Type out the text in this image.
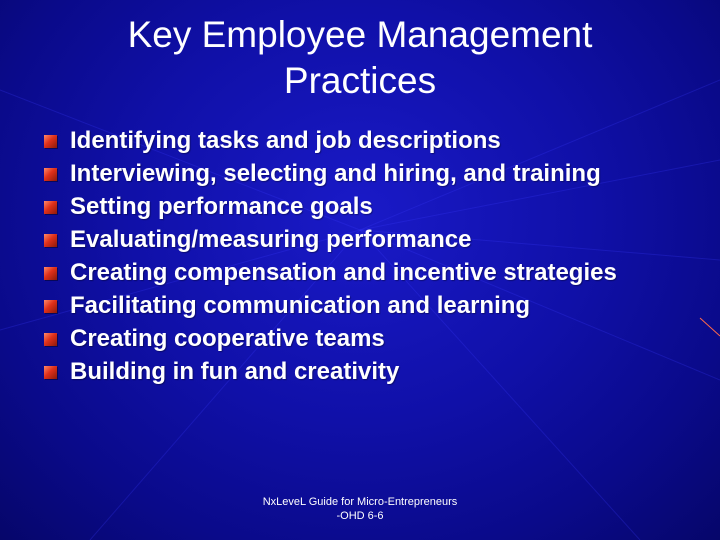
Key Employee Management
Practices
Identifying tasks and job descriptions
Interviewing, selecting and hiring, and training
Setting performance goals
Evaluating/measuring performance
Creating compensation and incentive strategies
Facilitating communication and learning
Creating cooperative teams
Building in fun and creativity
NxLeveL Guide for Micro-Entrepreneurs
-OHD 6-6
